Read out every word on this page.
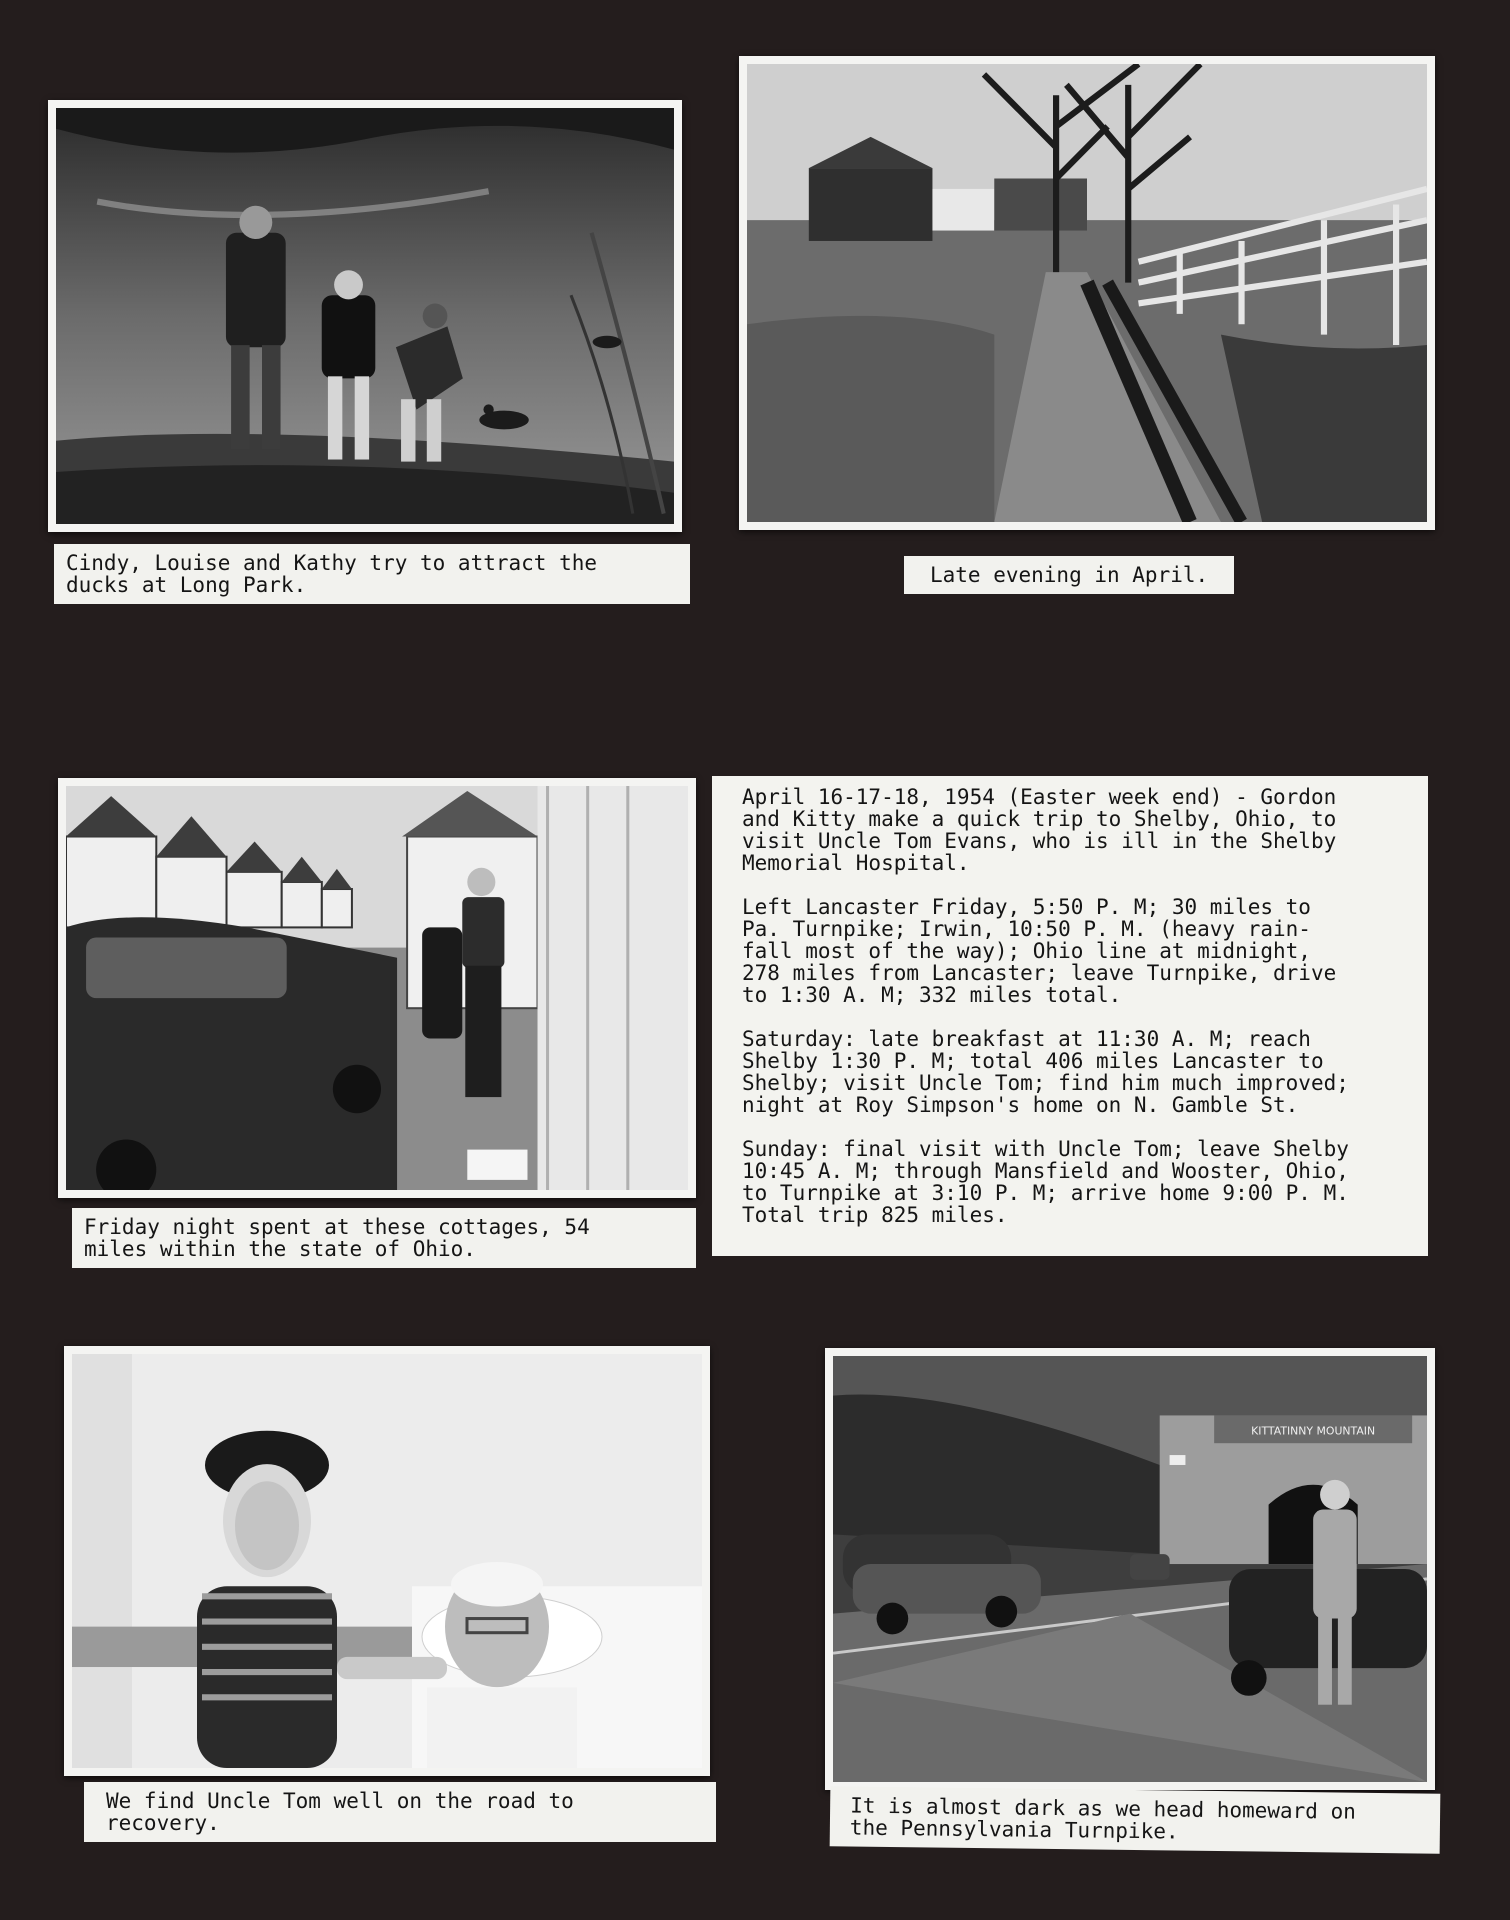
Cindy, Louise and Kathy try to attract the
ducks at Long Park.	Late evening in April.
Friday night spent at these cottages, 54
miles within the state of Ohio.

April 16-17-18, 1954 (Easter week end) - Gordon
and Kitty make a quick trip to Shelby, Ohio, to
visit Uncle Tom Evans, who is ill in the Shelby
Memorial Hospital.

Left Lancaster Friday, 5:50 P. M; 30 miles to
Pa. Turnpike; Irwin, 10:50 P. M. (heavy rain-
fall most of the way); Ohio line at midnight,
278 miles from Lancaster; leave Turnpike, drive
to 1:30 A. M; 332 miles total.

Saturday: late breakfast at 11:30 A. M; reach
Shelby 1:30 P. M; total 406 miles Lancaster to
Shelby; visit Uncle Tom; find him much improved;
night at Roy Simpson's home on N. Gamble St.

Sunday: final visit with Uncle Tom; leave Shelby
10:45 A. M; through Mansfield and Wooster, Ohio,
to Turnpike at 3:10 P. M; arrive home 9:00 P. M.
Total trip 825 miles.

We find Uncle Tom well on the road to
recovery.
KITTATINNY MOUNTAIN
It is almost dark as we head homeward on
the Pennsylvania Turnpike.
